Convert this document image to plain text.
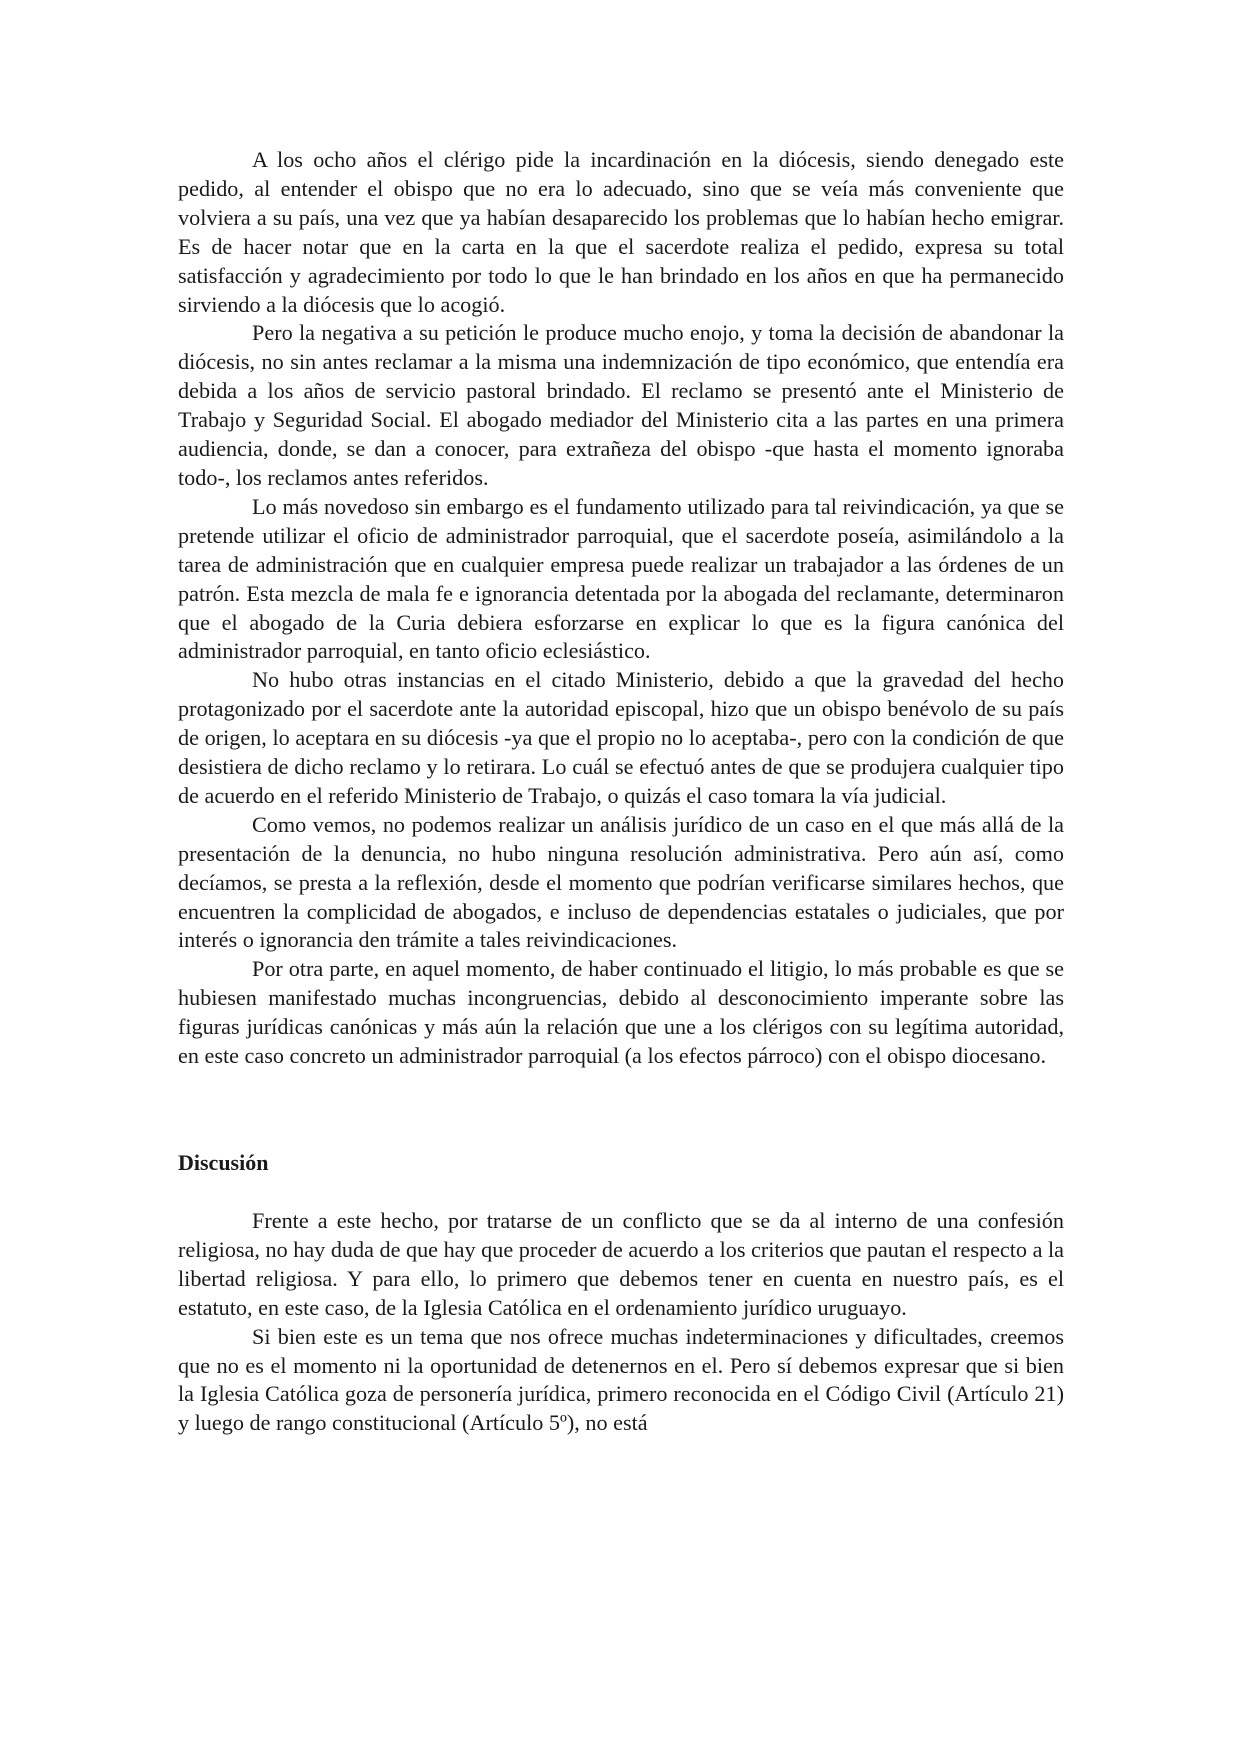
A los ocho años el clérigo pide la incardinación en la diócesis, siendo denegado este pedido, al entender el obispo que no era lo adecuado, sino que se veía más conveniente que volviera a su país, una vez que ya habían desaparecido los problemas que lo habían hecho emigrar. Es de hacer notar que en la carta en la que el sacerdote realiza el pedido, expresa su total satisfacción y agradecimiento por todo lo que le han brindado en los años en que ha permanecido sirviendo a la diócesis que lo acogió.

Pero la negativa a su petición le produce mucho enojo, y toma la decisión de abandonar la diócesis, no sin antes reclamar a la misma una indemnización de tipo económico, que entendía era debida a los años de servicio pastoral brindado. El reclamo se presentó ante el Ministerio de Trabajo y Seguridad Social. El abogado mediador del Ministerio cita a las partes en una primera audiencia, donde, se dan a conocer, para extrañeza del obispo -que hasta el momento ignoraba todo-, los reclamos antes referidos.

Lo más novedoso sin embargo es el fundamento utilizado para tal reivindicación, ya que se pretende utilizar el oficio de administrador parroquial, que el sacerdote poseía, asimilándolo a la tarea de administración que en cualquier empresa puede realizar un trabajador a las órdenes de un patrón. Esta mezcla de mala fe e ignorancia detentada por la abogada del reclamante, determinaron que el abogado de la Curia debiera esforzarse en explicar lo que es la figura canónica del administrador parroquial, en tanto oficio eclesiástico.

No hubo otras instancias en el citado Ministerio, debido a que la gravedad del hecho protagonizado por el sacerdote ante la autoridad episcopal, hizo que un obispo benévolo de su país de origen, lo aceptara en su diócesis -ya que el propio no lo aceptaba-, pero con la condición de que desistiera de dicho reclamo y lo retirara. Lo cuál se efectuó antes de que se produjera cualquier tipo de acuerdo en el referido Ministerio de Trabajo, o quizás el caso tomara la vía judicial.

Como vemos, no podemos realizar un análisis jurídico de un caso en el que más allá de la presentación de la denuncia, no hubo ninguna resolución administrativa. Pero aún así, como decíamos, se presta a la reflexión, desde el momento que podrían verificarse similares hechos, que encuentren la complicidad de abogados, e incluso de dependencias estatales o judiciales, que por interés o ignorancia den trámite a tales reivindicaciones.

Por otra parte, en aquel momento, de haber continuado el litigio, lo más probable es que se hubiesen manifestado muchas incongruencias, debido al desconocimiento imperante sobre las figuras jurídicas canónicas y más aún la relación que une a los clérigos con su legítima autoridad, en este caso concreto un administrador parroquial (a los efectos párroco) con el obispo diocesano.

Discusión

Frente a este hecho, por tratarse de un conflicto que se da al interno de una confesión religiosa, no hay duda de que hay que proceder de acuerdo a los criterios que pautan el respecto a la libertad religiosa. Y para ello, lo primero que debemos tener en cuenta en nuestro país, es el estatuto, en este caso, de la Iglesia Católica en el ordenamiento jurídico uruguayo.

Si bien este es un tema que nos ofrece muchas indeterminaciones y dificultades, creemos que no es el momento ni la oportunidad de detenernos en el. Pero sí debemos expresar que si bien la Iglesia Católica goza de personería jurídica, primero reconocida en el Código Civil (Artículo 21) y luego de rango constitucional (Artículo 5º), no está
